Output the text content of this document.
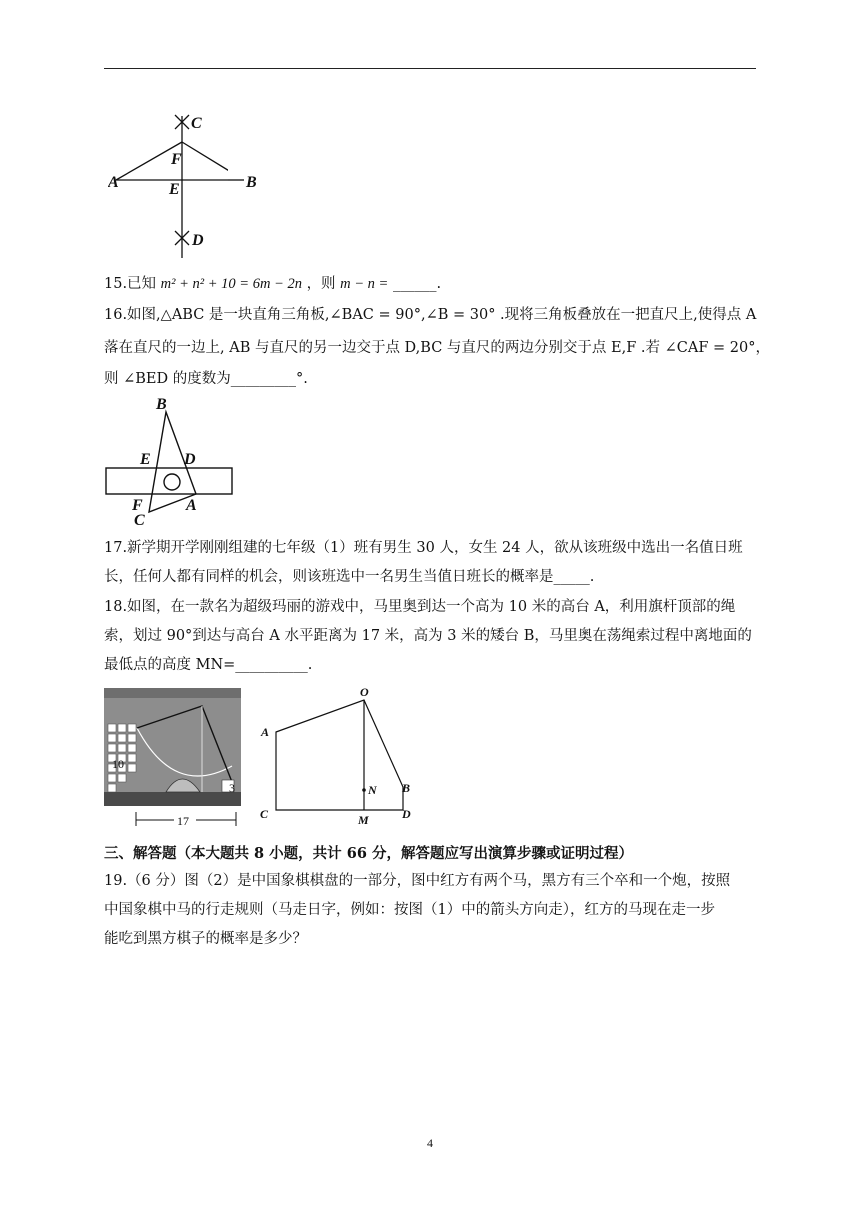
C
F
A	E
D
B
15.已知 m² + n² + 10 = 6m − 2n ，则 m − n = ______.
16.如图,△ABC 是一块直角三角板,∠BAC = 90°,∠B = 30° .现将三角板叠放在一把直尺上,使得点 A
落在直尺的一边上, AB 与直尺的另一边交于点 D,BC 与直尺的两边分别交于点 E,F .若 ∠CAF = 20°，
则 ∠BED 的度数为_________°.
B
E D
F	A
C
17.新学期开学刚刚组建的七年级（1）班有男生 30 人，女生 24 人，欲从该班级中选出一名值日班
长，任何人都有同样的机会，则该班选中一名男生当值日班长的概率是_____.
18.如图，在一款名为超级玛丽的游戏中，马里奥到达一个高为 10 米的高台 A，利用旗杆顶部的绳
索，划过 90°到达与高台 A 水平距离为 17 米，高为 3 米的矮台 B，马里奥在荡绳索过程中离地面的
最低点的高度 MN=__________.
10
3
17
O
A
N B
C	M	D
三、解答题（本大题共 8 小题，共计 66 分，解答题应写出演算步骤或证明过程）
19.（6 分）图（2）是中国象棋棋盘的一部分，图中红方有两个马，黑方有三个卒和一个炮，按照
中国象棋中马的行走规则（马走日字，例如：按图（1）中的箭头方向走），红方的马现在走一步
能吃到黑方棋子的概率是多少？
4
